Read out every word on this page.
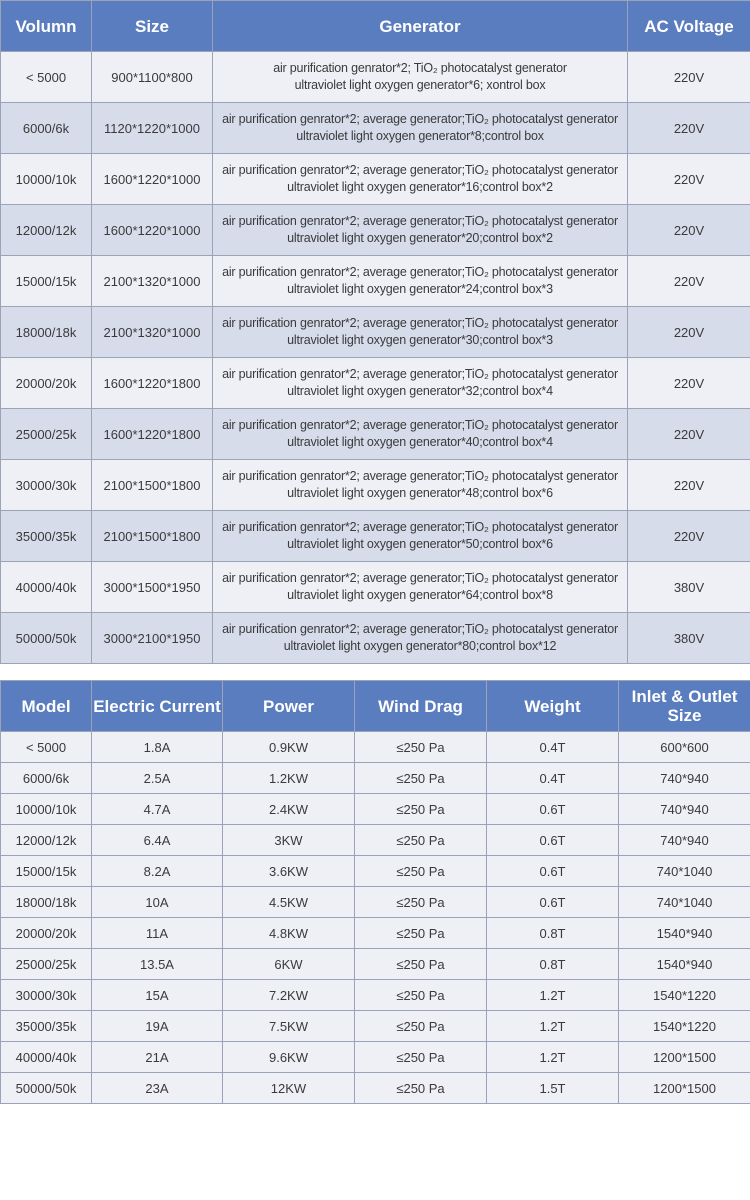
Volumn	Size	Generator	AC Voltage
< 5000	900*1100*800	air purification genrator*2; TiO₂ photocatalyst generator
ultraviolet light oxygen generator*6; xontrol box	220V
6000/6k	1120*1220*1000	air purification genrator*2; average generator;TiO₂ photocatalyst generator
ultraviolet light oxygen generator*8;control box	220V
10000/10k	1600*1220*1000	air purification genrator*2; average generator;TiO₂ photocatalyst generator
ultraviolet light oxygen generator*16;control box*2	220V
12000/12k	1600*1220*1000	air purification genrator*2; average generator;TiO₂ photocatalyst generator
ultraviolet light oxygen generator*20;control box*2	220V
15000/15k	2100*1320*1000	air purification genrator*2; average generator;TiO₂ photocatalyst generator
ultraviolet light oxygen generator*24;control box*3	220V
18000/18k	2100*1320*1000	air purification genrator*2; average generator;TiO₂ photocatalyst generator
ultraviolet light oxygen generator*30;control box*3	220V
20000/20k	1600*1220*1800	air purification genrator*2; average generator;TiO₂ photocatalyst generator
ultraviolet light oxygen generator*32;control box*4	220V
25000/25k	1600*1220*1800	air purification genrator*2; average generator;TiO₂ photocatalyst generator
ultraviolet light oxygen generator*40;control box*4	220V
30000/30k	2100*1500*1800	air purification genrator*2; average generator;TiO₂ photocatalyst generator
ultraviolet light oxygen generator*48;control box*6	220V
35000/35k	2100*1500*1800	air purification genrator*2; average generator;TiO₂ photocatalyst generator
ultraviolet light oxygen generator*50;control box*6	220V
40000/40k	3000*1500*1950	air purification genrator*2; average generator;TiO₂ photocatalyst generator
ultraviolet light oxygen generator*64;control box*8	380V
50000/50k	3000*2100*1950	air purification genrator*2; average generator;TiO₂ photocatalyst generator
ultraviolet light oxygen generator*80;control box*12	380V
Model	Electric Current	Power	Wind Drag	Weight	Inlet & Outlet Size
< 5000	1.8A	0.9KW	≤250 Pa	0.4T	600*600
6000/6k	2.5A	1.2KW	≤250 Pa	0.4T	740*940
10000/10k	4.7A	2.4KW	≤250 Pa	0.6T	740*940
12000/12k	6.4A	3KW	≤250 Pa	0.6T	740*940
15000/15k	8.2A	3.6KW	≤250 Pa	0.6T	740*1040
18000/18k	10A	4.5KW	≤250 Pa	0.6T	740*1040
20000/20k	11A	4.8KW	≤250 Pa	0.8T	1540*940
25000/25k	13.5A	6KW	≤250 Pa	0.8T	1540*940
30000/30k	15A	7.2KW	≤250 Pa	1.2T	1540*1220
35000/35k	19A	7.5KW	≤250 Pa	1.2T	1540*1220
40000/40k	21A	9.6KW	≤250 Pa	1.2T	1200*1500
50000/50k	23A	12KW	≤250 Pa	1.5T	1200*1500
